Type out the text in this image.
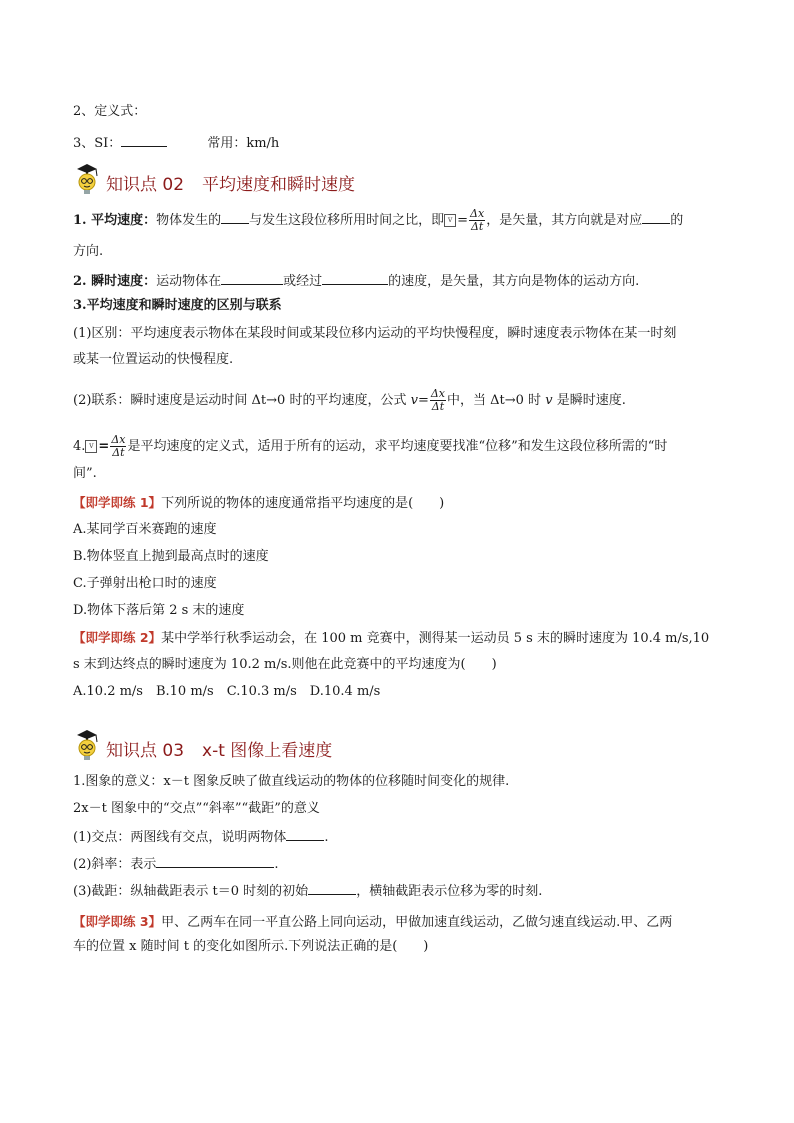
2、定义式：
3、SI：	常用：km/h
知识点 02 平均速度和瞬时速度
1. 平均速度：物体发生的 与发生这段位移所用时间之比，即 $v = \frac{\Delta x}{\Delta t}$ ，是矢量，其方向就是对应 的
方向.
2. 瞬时速度：运动物体在	或经过	的速度，是矢量，其方向是物体的运动方向.
3.平均速度和瞬时速度的区别与联系
(1)区别：平均速度表示物体在某段时间或某段位移内运动的平均快慢程度，瞬时速度表示物体在某一时刻
或某一位置运动的快慢程度.
(2)联系：瞬时速度是运动时间 Δt→0 时的平均速度，公式 $v= \frac{\Delta x}{\Delta t}$ 中，当 Δt→0 时 v 是瞬时速度.
4. $v = \frac{\Delta x}{\Delta t}$ 是平均速度的定义式，适用于所有的运动，求平均速度要找准“位移”和发生这段位移所需的“时
间”.
【即学即练 1】下列所说的物体的速度通常指平均速度的是(　　)
A.某同学百米赛跑的速度
B.物体竖直上抛到最高点时的速度
C.子弹射出枪口时的速度
D.物体下落后第 2 s 末的速度
【即学即练 2】某中学举行秋季运动会，在 100 m 竞赛中，测得某一运动员 5 s 末的瞬时速度为 10.4 m/s,10
s 末到达终点的瞬时速度为 10.2 m/s.则他在此竞赛中的平均速度为(　　)
A.10.2 m/s　B.10 m/s　C.10.3 m/s　D.10.4 m/s
知识点 03 x-t 图像上看速度
1.图象的意义：x－t 图象反映了做直线运动的物体的位移随时间变化的规律.
2x－t 图象中的“交点”“斜率”“截距”的意义
(1)交点：两图线有交点，说明两物体	.
(2)斜率：表示	.
(3)截距：纵轴截距表示 t＝0 时刻的初始	，横轴截距表示位移为零的时刻.
【即学即练 3】甲、乙两车在同一平直公路上同向运动，甲做加速直线运动，乙做匀速直线运动.甲、乙两
车的位置 x 随时间 t 的变化如图所示.下列说法正确的是(　　)
